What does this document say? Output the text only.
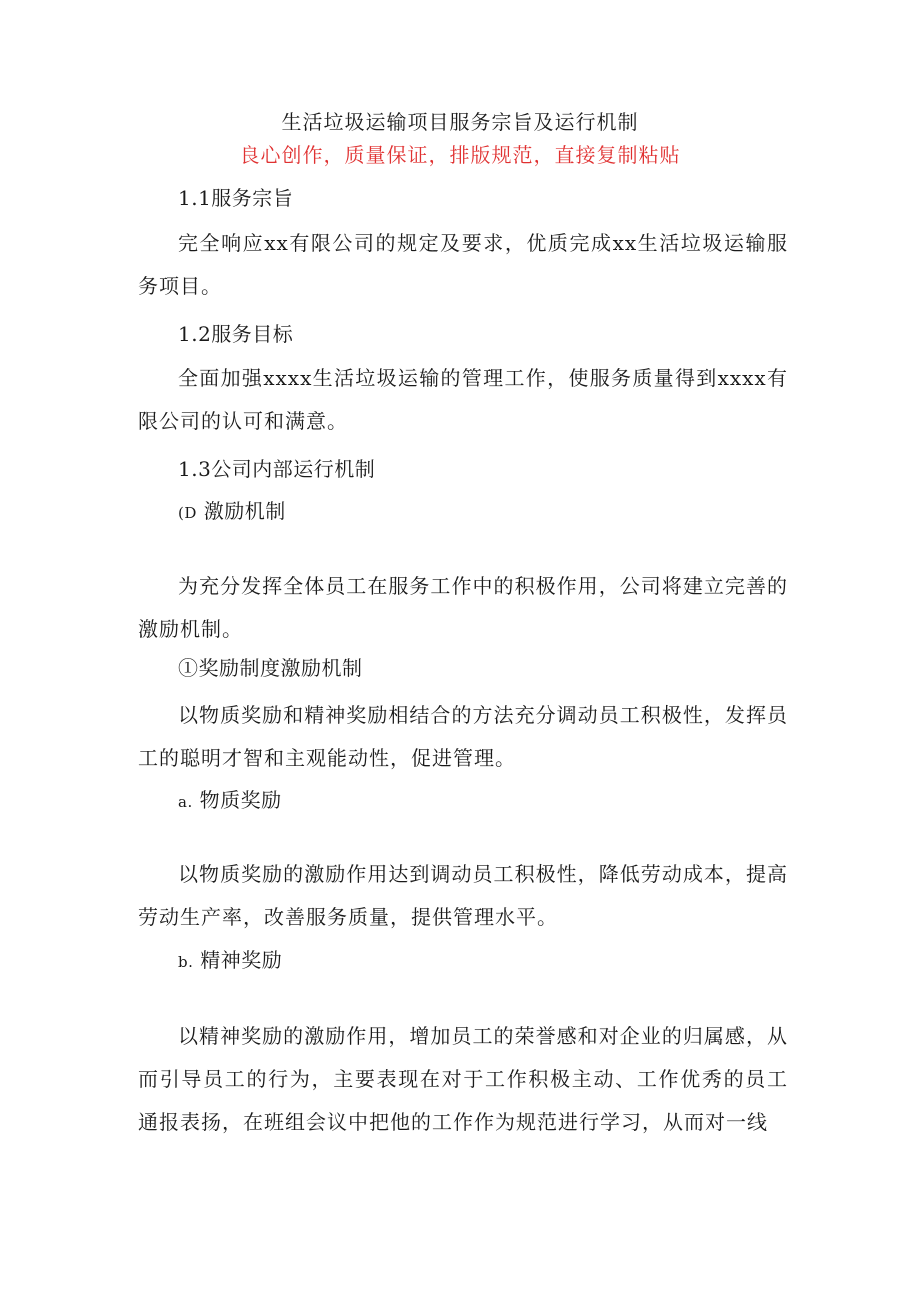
生活垃圾运输项目服务宗旨及运行机制
良心创作，质量保证，排版规范，直接复制粘贴
1.1服务宗旨
完全响应xx有限公司的规定及要求，优质完成xx生活垃圾运输服务项目。
1.2服务目标
全面加强xxxx生活垃圾运输的管理工作，使服务质量得到xxxx有限公司的认可和满意。
1.3公司内部运行机制
(D 激励机制
为充分发挥全体员工在服务工作中的积极作用，公司将建立完善的激励机制。
①奖励制度激励机制
以物质奖励和精神奖励相结合的方法充分调动员工积极性，发挥员工的聪明才智和主观能动性，促进管理。
a. 物质奖励
以物质奖励的激励作用达到调动员工积极性，降低劳动成本，提高劳动生产率，改善服务质量，提供管理水平。
b. 精神奖励
以精神奖励的激励作用，增加员工的荣誉感和对企业的归属感，从而引导员工的行为，主要表现在对于工作积极主动、工作优秀的员工通报表扬，在班组会议中把他的工作作为规范进行学习，从而对一线
